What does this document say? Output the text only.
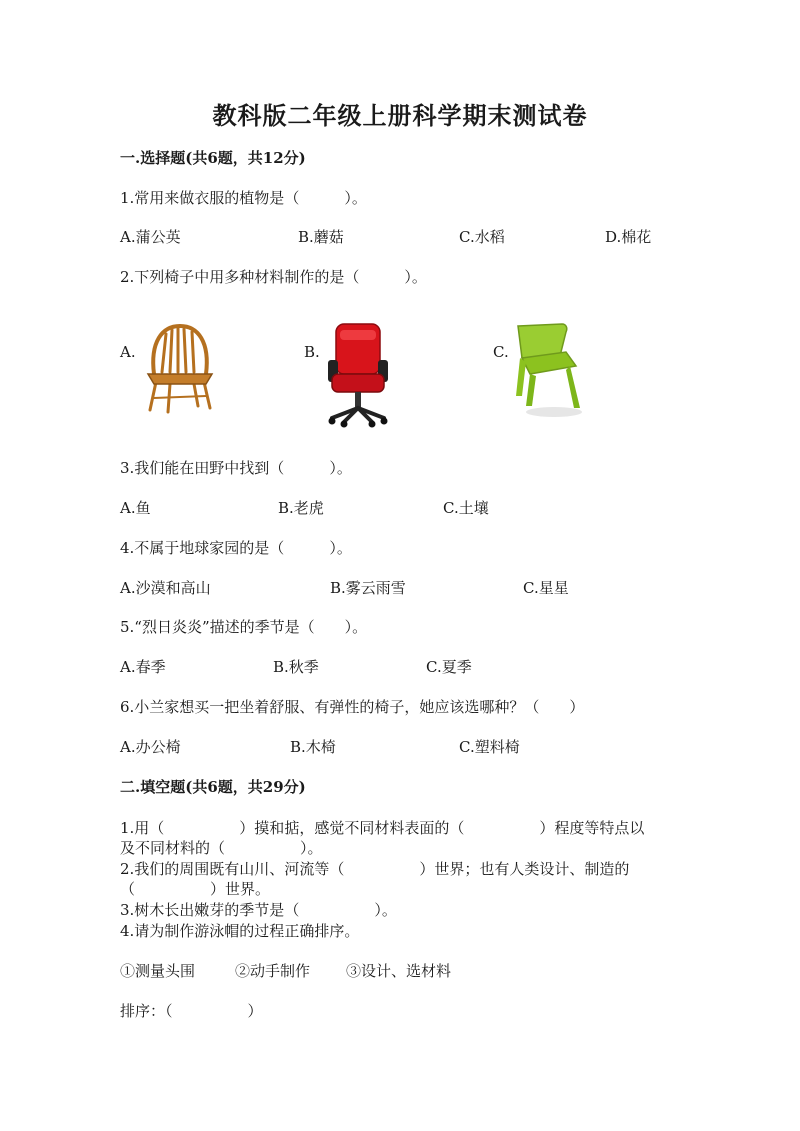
教科版二年级上册科学期末测试卷
一.选择题(共6题，共12分)
1.常用来做衣服的植物是（　　　）。
A.蒲公英	B.蘑菇	C.水稻	D.棉花
2.下列椅子中用多种材料制作的是（　　　）。
A.	B.	C.
3.我们能在田野中找到（　　　）。
A.鱼	B.老虎	C.土壤
4.不属于地球家园的是（　　　）。
A.沙漠和高山	B.雾云雨雪	C.星星
5.“烈日炎炎”描述的季节是（　　）。
A.春季	B.秋季	C.夏季
6.小兰家想买一把坐着舒服、有弹性的椅子，她应该选哪种？（　　）
A.办公椅	B.木椅	C.塑料椅
二.填空题(共6题，共29分)
1.用（　　　　　）摸和掂，感觉不同材料表面的（　　　　　）程度等特点以
及不同材料的（　　　　　）。
2.我们的周围既有山川、河流等（　　　　　）世界；也有人类设计、制造的
（　　　　　）世界。
3.树木长出嫩芽的季节是（　　　　　）。
4.请为制作游泳帽的过程正确排序。
①测量头围	②动手制作 ③设计、选材料
排序：（　　　　　）
